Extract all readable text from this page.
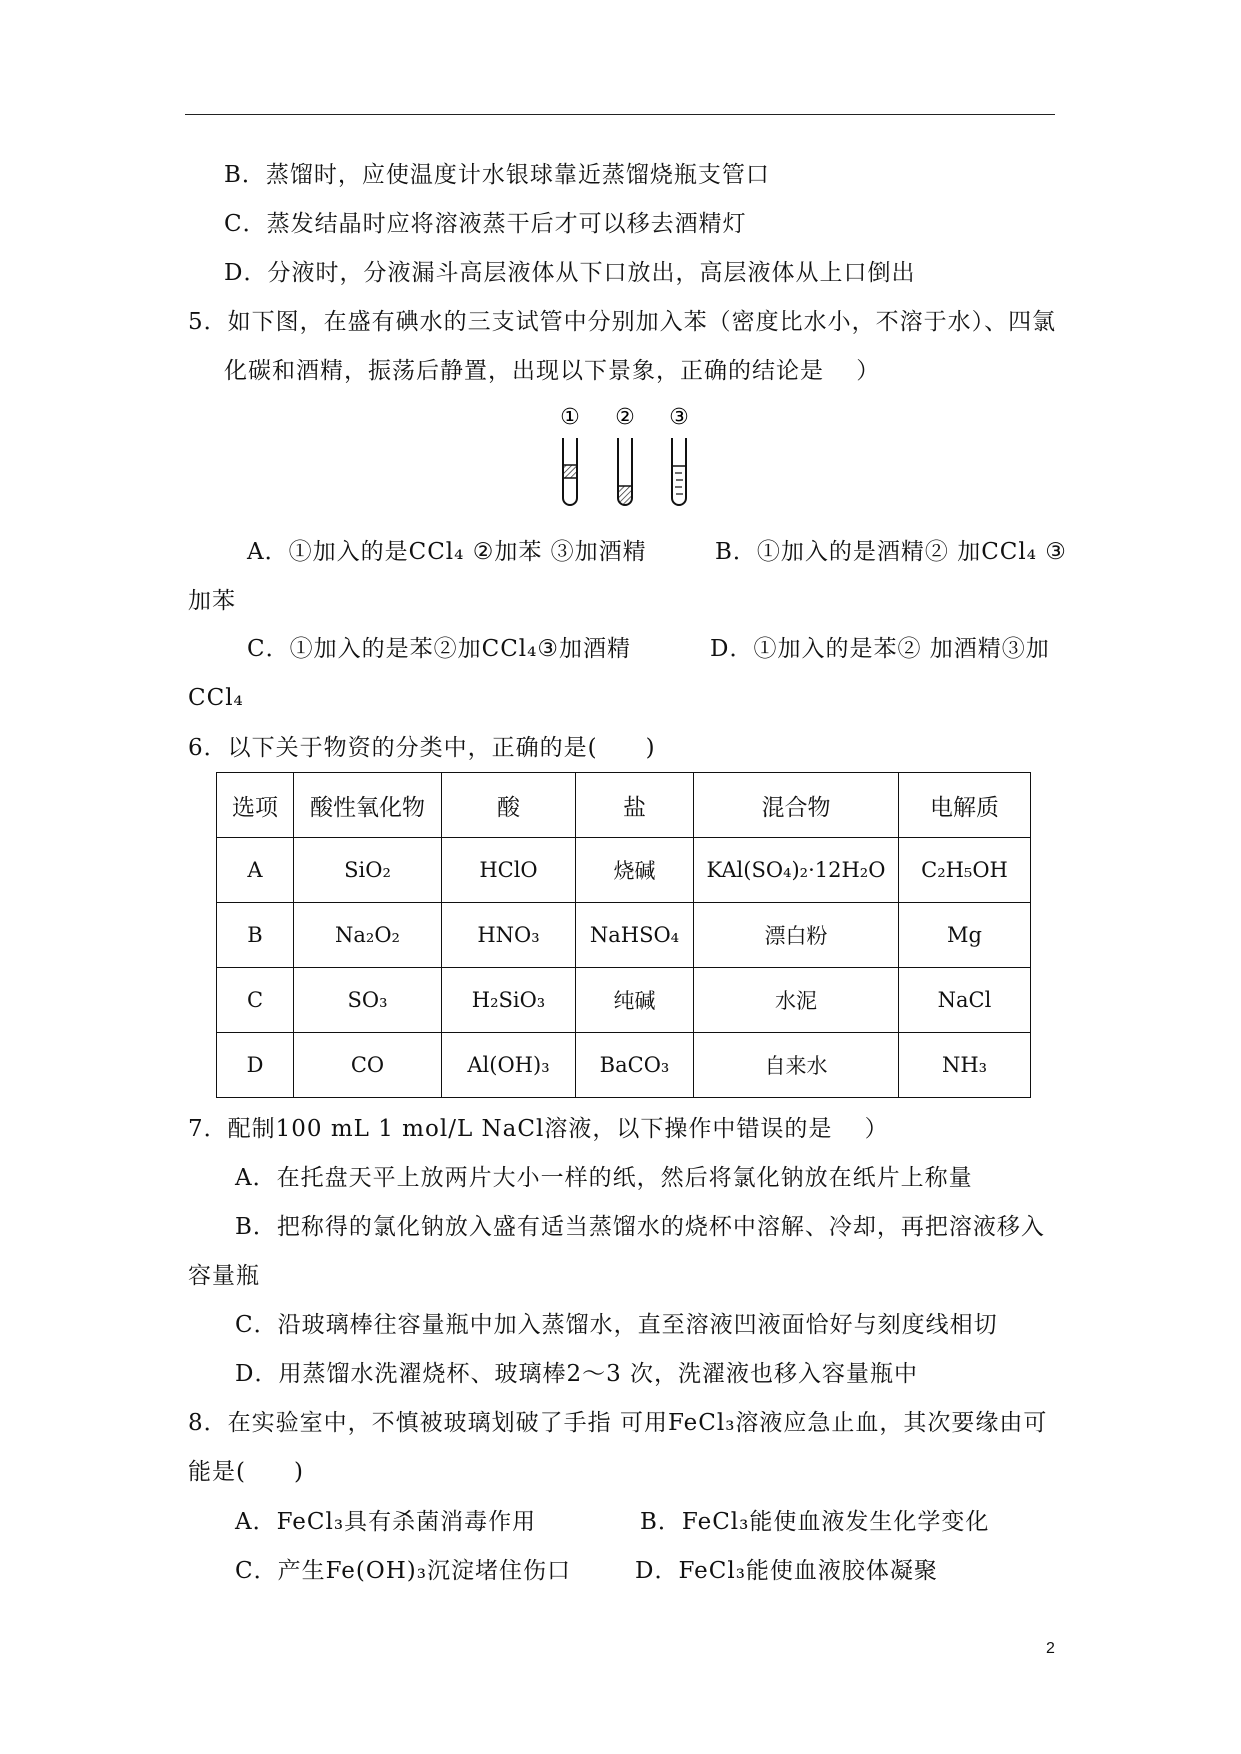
B．蒸馏时，应使温度计水银球靠近蒸馏烧瓶支管口
C．蒸发结晶时应将溶液蒸干后才可以移去酒精灯
D．分液时，分液漏斗高层液体从下口放出，高层液体从上口倒出
5．如下图，在盛有碘水的三支试管中分别加入苯（密度比水小，不溶于水）、四氯
化碳和酒精，振荡后静置，出现以下景象，正确的结论是　 ）
① ② ③
A．①加入的是CCl₄ ②加苯 ③加酒精	B．①加入的是酒精② 加CCl₄ ③
加苯
C．①加入的是苯②加CCl₄③加酒精	D．①加入的是苯② 加酒精③加
CCl₄
6．以下关于物资的分类中，正确的是(　　)
选项	酸性氧化物	酸	盐	混合物	电解质
A	SiO₂	HClO	烧碱	KAl(SO₄)₂·12H₂O	C₂H₅OH
B	Na₂O₂	HNO₃	NaHSO₄	漂白粉	Mg
C	SO₃	H₂SiO₃	纯碱	水泥	NaCl
D	CO	Al(OH)₃	BaCO₃	自来水	NH₃
7．配制100 mL 1 mol/L NaCl溶液，以下操作中错误的是　 ）
A．在托盘天平上放两片大小一样的纸，然后将氯化钠放在纸片上称量
B．把称得的氯化钠放入盛有适当蒸馏水的烧杯中溶解、冷却，再把溶液移入
容量瓶
C．沿玻璃棒往容量瓶中加入蒸馏水，直至溶液凹液面恰好与刻度线相切
D．用蒸馏水洗濯烧杯、玻璃棒2～3 次，洗濯液也移入容量瓶中
8．在实验室中，不慎被玻璃划破了手指 可用FeCl₃溶液应急止血，其次要缘由可
能是(　　)
A．FeCl₃具有杀菌消毒作用	B．FeCl₃能使血液发生化学变化
C．产生Fe(OH)₃沉淀堵住伤口	D．FeCl₃能使血液胶体凝聚
2
